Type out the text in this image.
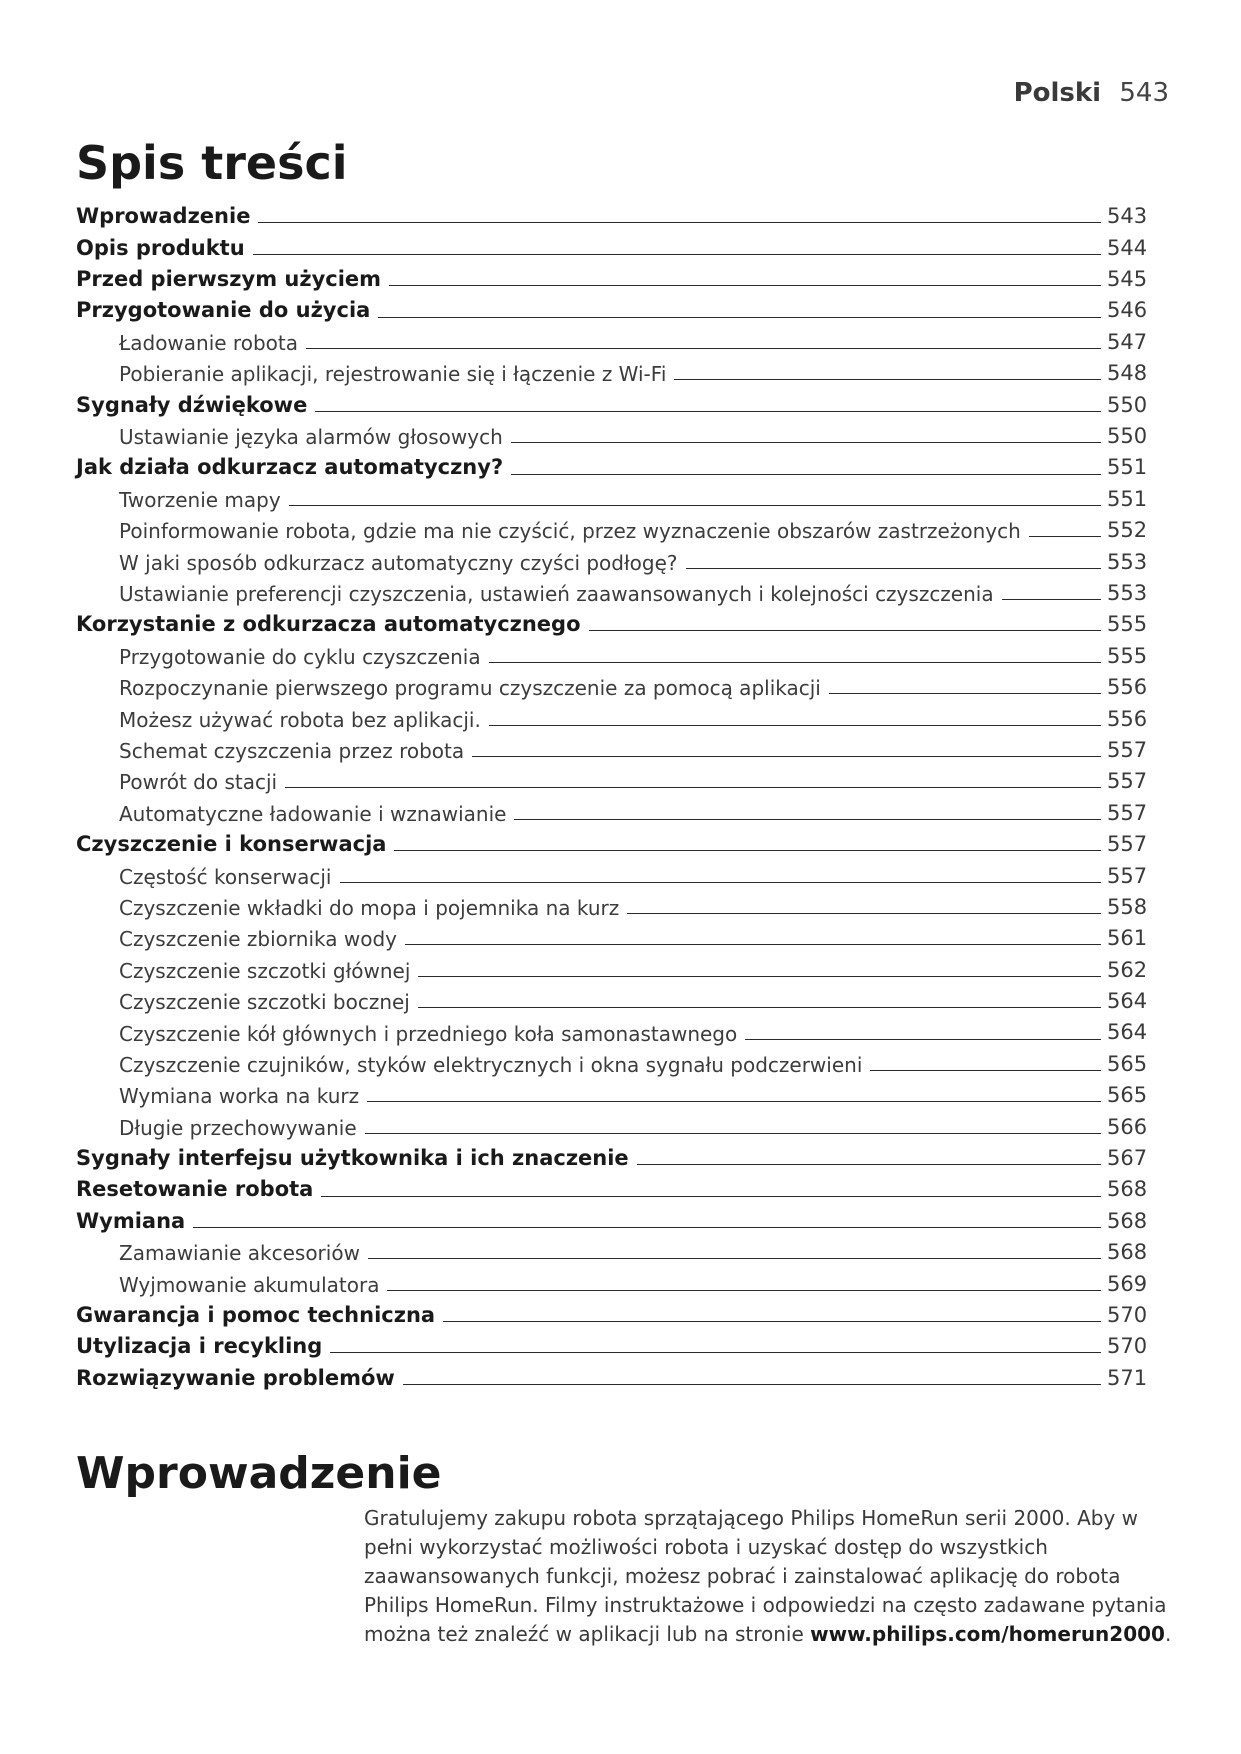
Polski 543
Spis treści
Wprowadzenie	543
Opis produktu	544
Przed pierwszym użyciem	545
Przygotowanie do użycia	546
Ładowanie robota	547
Pobieranie aplikacji, rejestrowanie się i łączenie z Wi-Fi	548
Sygnały dźwiękowe	550
Ustawianie języka alarmów głosowych	550
Jak działa odkurzacz automatyczny?	551
Tworzenie mapy	551
Poinformowanie robota, gdzie ma nie czyścić, przez wyznaczenie obszarów zastrzeżonych	552
W jaki sposób odkurzacz automatyczny czyści podłogę?	553
Ustawianie preferencji czyszczenia, ustawień zaawansowanych i kolejności czyszczenia	553
Korzystanie z odkurzacza automatycznego	555
Przygotowanie do cyklu czyszczenia	555
Rozpoczynanie pierwszego programu czyszczenie za pomocą aplikacji	556
Możesz używać robota bez aplikacji.	556
Schemat czyszczenia przez robota	557
Powrót do stacji	557
Automatyczne ładowanie i wznawianie	557
Czyszczenie i konserwacja	557
Częstość konserwacji	557
Czyszczenie wkładki do mopa i pojemnika na kurz	558
Czyszczenie zbiornika wody	561
Czyszczenie szczotki głównej	562
Czyszczenie szczotki bocznej	564
Czyszczenie kół głównych i przedniego koła samonastawnego	564
Czyszczenie czujników, styków elektrycznych i okna sygnału podczerwieni	565
Wymiana worka na kurz	565
Długie przechowywanie	566
Sygnały interfejsu użytkownika i ich znaczenie	567
Resetowanie robota	568
Wymiana	568
Zamawianie akcesoriów	568
Wyjmowanie akumulatora	569
Gwarancja i pomoc techniczna	570
Utylizacja i recykling	570
Rozwiązywanie problemów	571
Wprowadzenie

Gratulujemy zakupu robota sprzątającego Philips HomeRun serii 2000. Aby w pełni wykorzystać możliwości robota i uzyskać dostęp do wszystkich zaawansowanych funkcji, możesz pobrać i zainstalować aplikację do robota Philips HomeRun. Filmy instruktażowe i odpowiedzi na często zadawane pytania można też znaleźć w aplikacji lub na stronie www.philips.com/homerun2000.
